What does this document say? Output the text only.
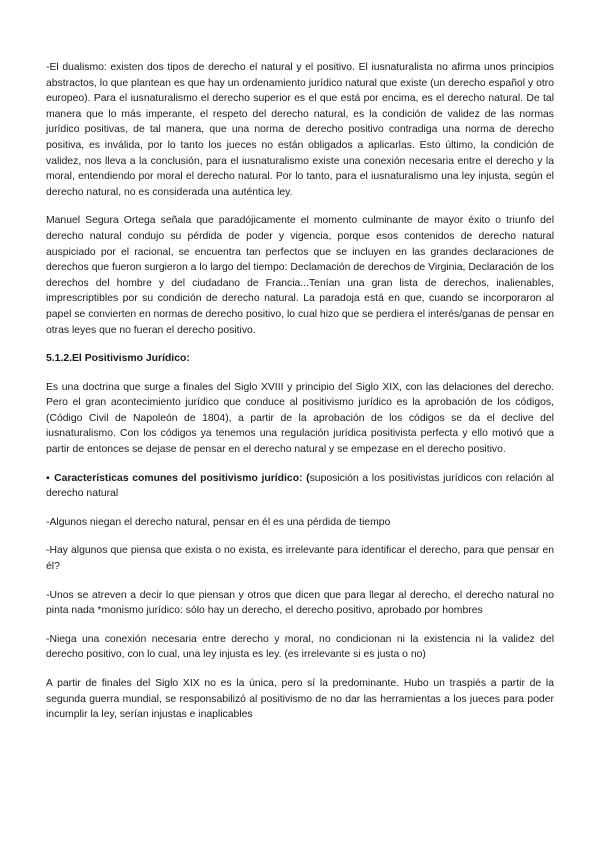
-El dualismo: existen dos tipos de derecho el natural y el positivo. El iusnaturalista no afirma unos principios abstractos, lo que plantean es que hay un ordenamiento jurídico natural que existe (un derecho español y otro europeo). Para el iusnaturalismo el derecho superior es el que está por encima, es el derecho natural. De tal manera que lo más imperante, el respeto del derecho natural, es la condición de validez de las normas jurídico positivas, de tal manera, que una norma de derecho positivo contradiga una norma de derecho positiva, es inválida, por lo tanto los jueces no están obligados a aplicarlas. Esto último, la condición de validez, nos lleva a la conclusión, para el iusnaturalismo existe una conexión necesaria entre el derecho y la moral, entendiendo por moral el derecho natural. Por lo tanto, para el iusnaturalismo una ley injusta, según el derecho natural, no es considerada una auténtica ley.

Manuel Segura Ortega señala que paradójicamente el momento culminante de mayor éxito o triunfo del derecho natural condujo su pérdida de poder y vigencia, porque esos contenidos de derecho natural auspiciado por el racional, se encuentra tan perfectos que se incluyen en las grandes declaraciones de derechos que fueron surgieron a lo largo del tiempo: Declamación de derechos de Virginia, Declaración de los derechos del hombre y del ciudadano de Francia...Tenían una gran lista de derechos, inalienables, imprescriptibles por su condición de derecho natural. La paradoja está en que, cuando se incorporaron al papel se convierten en normas de derecho positivo, lo cual hizo que se perdiera el interés/ganas de pensar en otras leyes que no fueran el derecho positivo.

5.1.2.El Positivismo Jurídico:

Es una doctrina que surge a finales del Siglo XVIII y principio del Siglo XIX, con las delaciones del derecho. Pero el gran acontecimiento jurídico que conduce al positivismo jurídico es la aprobación de los códigos, (Código Civil de Napoleón de 1804), a partir de la aprobación de los códigos se da el declive del iusnaturalismo. Con los códigos ya tenemos una regulación jurídica positivista perfecta y ello motivó que a partir de entonces se dejase de pensar en el derecho natural y se empezase en el derecho positivo.

▪ Características comunes del positivismo jurídico: (suposición a los positivistas jurídicos con relación al derecho natural

-Algunos niegan el derecho natural, pensar en él es una pérdida de tiempo

-Hay algunos que piensa que exista o no exista, es irrelevante para identificar el derecho, para que pensar en él?

-Unos se atreven a decir lo que piensan y otros que dicen que para llegar al derecho, el derecho natural no pinta nada *monismo jurídico: sólo hay un derecho, el derecho positivo, aprobado por hombres

-Niega una conexión necesaria entre derecho y moral, no condicionan ni la existencia ni la validez del derecho positivo, con lo cual, una ley injusta es ley. (es irrelevante si es justa o no)

A partir de finales del Siglo XIX no es la única, pero sí la predominante. Hubo un traspiés a partir de la segunda guerra mundial, se responsabilizó al positivismo de no dar las herramientas a los jueces para poder incumplir la ley, serían injustas e inaplicables
